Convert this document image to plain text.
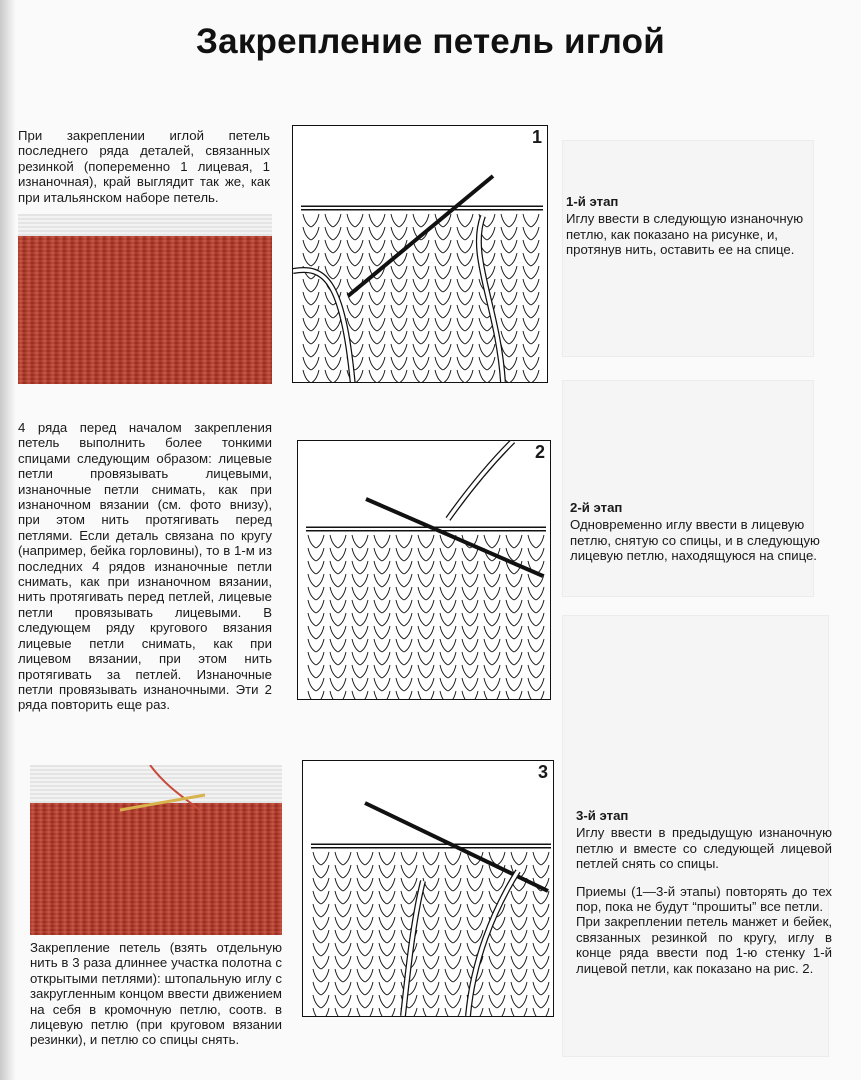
Закрепление петель иглой
При закреплении иглой петель последнего ряда деталей, связанных резинкой (попеременно 1 лицевая, 1 изнаночная), край выглядит так же, как при итальянском наборе петель.
4 ряда перед началом закрепления петель выполнить более тонкими спицами следующим образом: лицевые петли провязывать лицевыми, изнаночные петли снимать, как при изнаночном вязании (см. фото внизу), при этом нить протягивать перед петлями. Если деталь связана по кругу (например, бейка горловины), то в 1-м из последних 4 рядов изнаночные петли снимать, как при изнаночном вязании, нить протягивать перед петлей, лицевые петли провязывать лицевыми. В следующем ряду кругового вязания лицевые петли снимать, как при лицевом вязании, при этом нить протягивать за петлей. Изнаночные петли провязывать изнаночными. Эти 2 ряда повторить еще раз.
Закрепление петель (взять отдельную нить в 3 раза длиннее участка полотна с открытыми петлями): штопальную иглу с закругленным концом ввести движением на себя в кромочную петлю, соотв. в лицевую петлю (при круговом вязании резинки), и петлю со спицы снять.
1
2
3
1-й этап
Иглу ввести в следующую изнаночную петлю, как показано на рисунке, и, протянув нить, оставить ее на спице.
2-й этап
Одновременно иглу ввести в лицевую петлю, снятую со спицы, и в следующую лицевую петлю, находящуюся на спице.
3-й этап
Иглу ввести в предыдущую изнаночную петлю и вместе со следующей лицевой петлей снять со спицы.
Приемы (1—3-й этапы) повторять до тех пор, пока не будут “прошиты” все петли.
При закреплении петель манжет и бейек, связанных резинкой по кругу, иглу в конце ряда ввести под 1-ю стенку 1-й лицевой петли, как показано на рис. 2.
